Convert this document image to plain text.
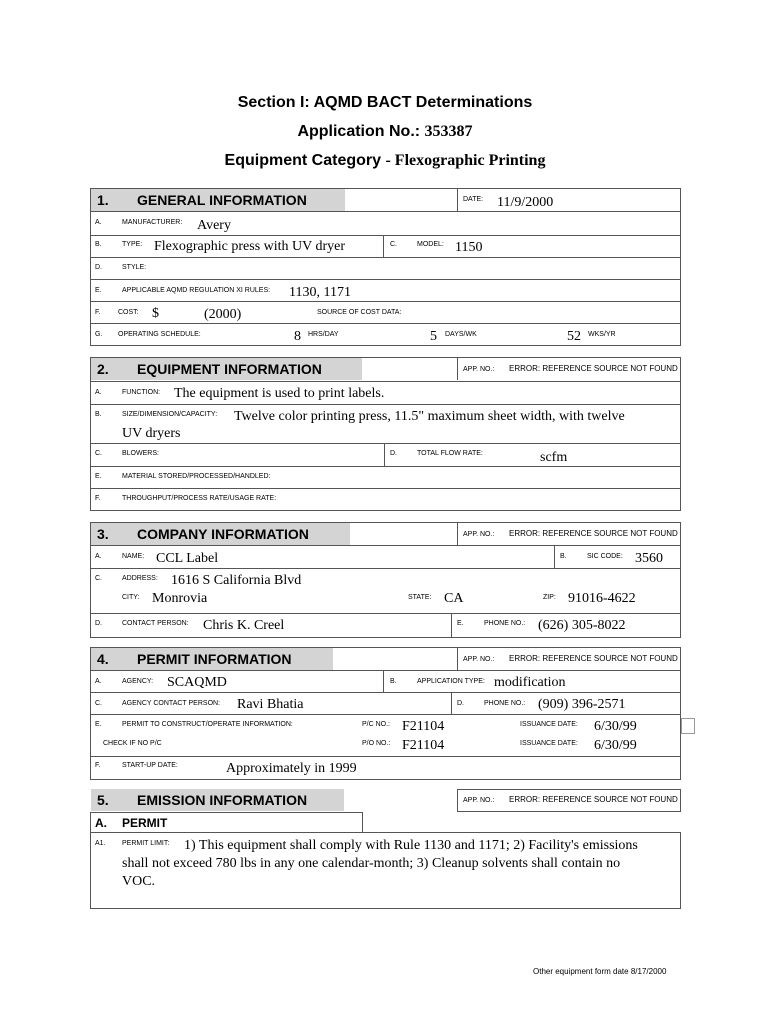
Section I: AQMD BACT Determinations
Application No.: 353387
Equipment Category - Flexographic Printing
1. GENERAL INFORMATION	DATE: 11/9/2000
A.	MANUFACTURER: Avery
B.	TYPE: Flexographic press with UV dryer	C.	MODEL: 1150
D.	STYLE:
E.	APPLICABLE AQMD REGULATION XI RULES: 1130, 1171
F.	COST: $	(2000)	SOURCE OF COST DATA:
G. OPERATING SCHEDULE:	8 HRS/DAY	5 DAYS/WK	52 WKS/YR
2. EQUIPMENT INFORMATION	APP. NO.: ERROR: REFERENCE SOURCE NOT FOUND
A.	FUNCTION: The equipment is used to print labels.
B.	SIZE/DIMENSION/CAPACITY: Twelve color printing press, 11.5" maximum sheet width, with twelve
UV dryers
C.	BLOWERS:	D.	TOTAL FLOW RATE:	scfm
E.	MATERIAL STORED/PROCESSED/HANDLED:
F.	THROUGHPUT/PROCESS RATE/USAGE RATE:
3. COMPANY INFORMATION	APP. NO.: ERROR: REFERENCE SOURCE NOT FOUND
A.	NAME: CCL Label	B.	SIC CODE: 3560
C.	ADDRESS: 1616 S California Blvd
CITY: Monrovia	STATE: CA	ZIP: 91016-4622
D.	CONTACT PERSON: Chris K. Creel	E.	PHONE NO.: (626) 305-8022
4. PERMIT INFORMATION	APP. NO.: ERROR: REFERENCE SOURCE NOT FOUND
A.	AGENCY: SCAQMD	B.	APPLICATION TYPE: modification
C.	AGENCY CONTACT PERSON: Ravi Bhatia	D.	PHONE NO.: (909) 396-2571
E.	PERMIT TO CONSTRUCT/OPERATE INFORMATION:	P/C NO.: F21104	ISSUANCE DATE: 6/30/99
CHECK IF NO P/C	P/O NO.: F21104	ISSUANCE DATE: 6/30/99
F.	START-UP DATE:	Approximately in 1999
5. EMISSION INFORMATION	APP. NO.: ERROR: REFERENCE SOURCE NOT FOUND
A. PERMIT
A1. PERMIT LIMIT: 1) This equipment shall comply with Rule 1130 and 1171; 2) Facility's emissions
shall not exceed 780 lbs in any one calendar-month; 3) Cleanup solvents shall contain no
VOC.
Other equipment form date 8/17/2000
